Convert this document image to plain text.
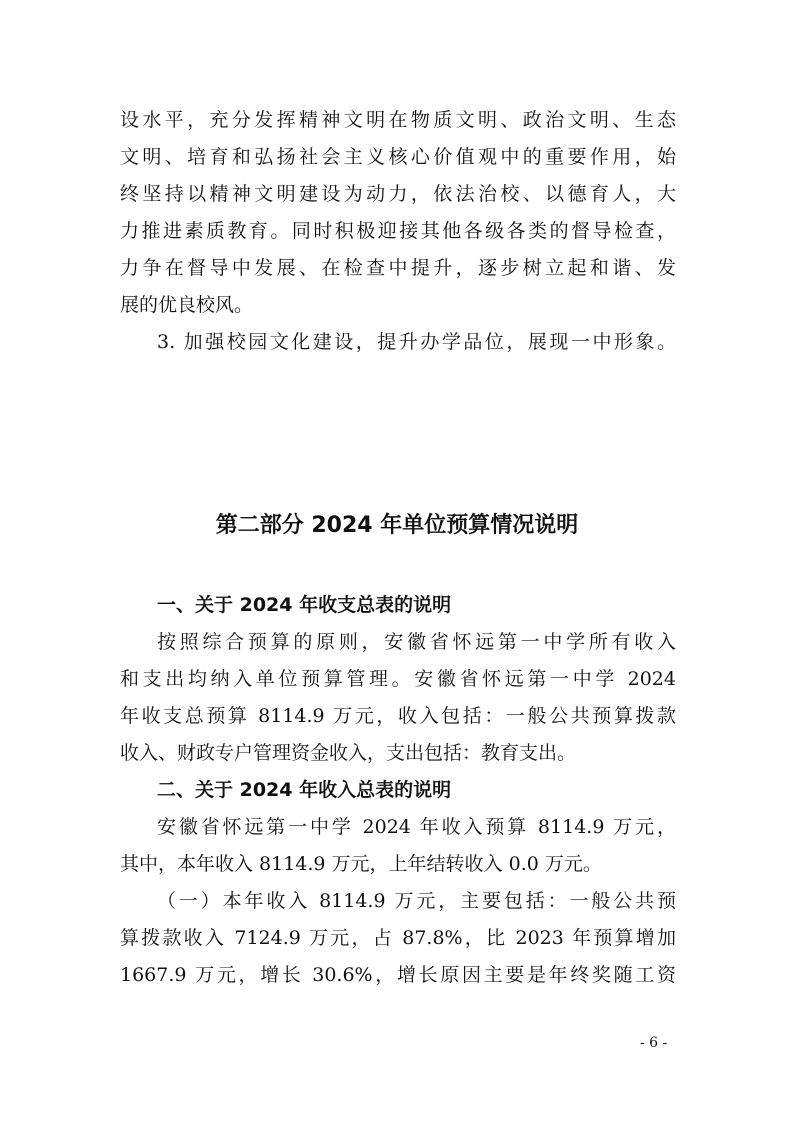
设水平，充分发挥精神文明在物质文明、政治文明、生态
文明、培育和弘扬社会主义核心价值观中的重要作用，始
终坚持以精神文明建设为动力，依法治校、以德育人，大
力推进素质教育。同时积极迎接其他各级各类的督导检查，
力争在督导中发展、在检查中提升，逐步树立起和谐、发
展的优良校风。
3. 加强校园文化建设，提升办学品位，展现一中形象。
第二部分 2024 年单位预算情况说明
一、关于 2024 年收支总表的说明
按照综合预算的原则，安徽省怀远第一中学所有收入
和支出均纳入单位预算管理。安徽省怀远第一中学 2024
年收支总预算 8114.9 万元，收入包括：一般公共预算拨款
收入、财政专户管理资金收入，支出包括：教育支出。
二、关于 2024 年收入总表的说明
安徽省怀远第一中学 2024 年收入预算 8114.9 万元，
其中，本年收入 8114.9 万元，上年结转收入 0.0 万元。
（一）本年收入 8114.9 万元，主要包括：一般公共预
算拨款收入 7124.9 万元，占 87.8%，比 2023 年预算增加
1667.9 万元，增长 30.6%，增长原因主要是年终奖随工资
- 6 -
